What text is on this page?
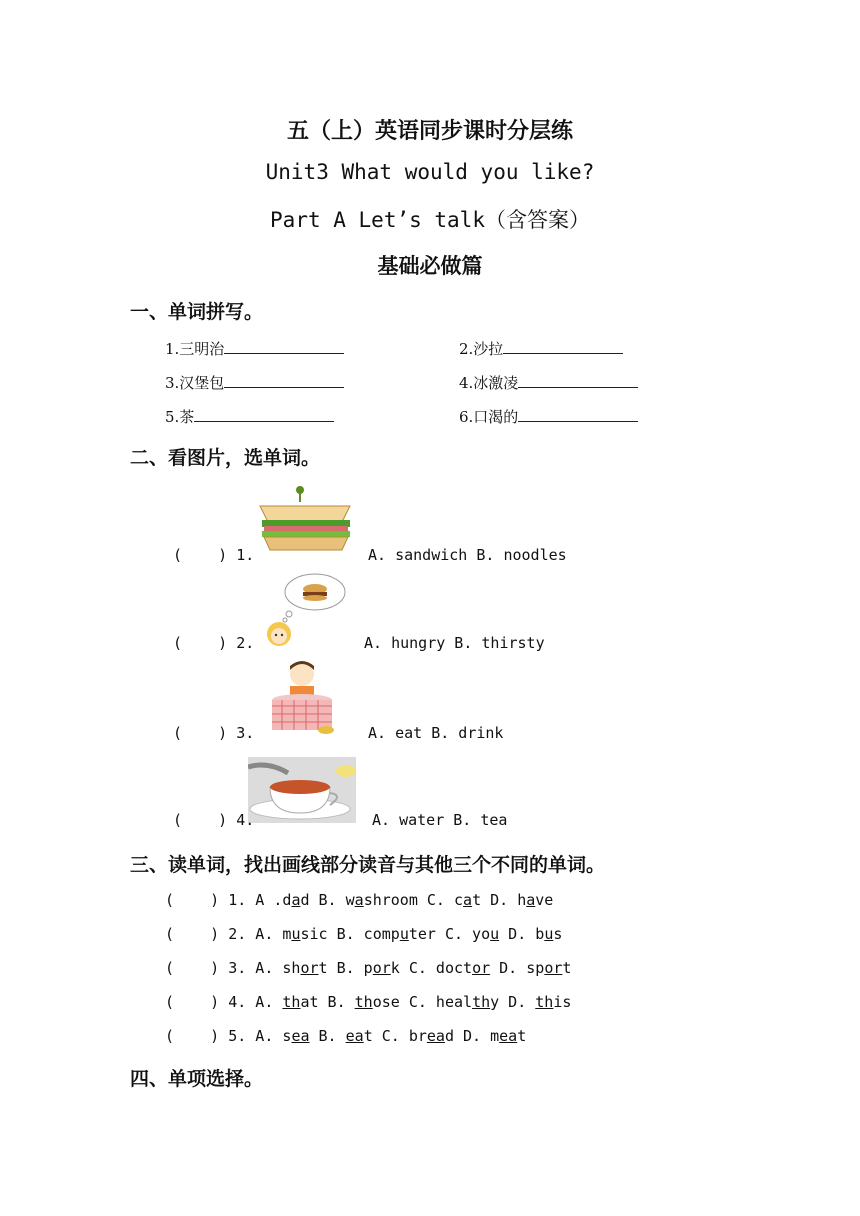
五（上）英语同步课时分层练
Unit3 What would you like?
Part A Let’s talk（含答案）
基础必做篇
一、单词拼写。
1.三明治	2.沙拉
3.汉堡包	4.冰激凌
5.茶	6.口渴的
二、看图片，选单词。
(    ) 1.	A. sandwich B. noodles
(    ) 2.	A. hungry B. thirsty
(    ) 3.	A. eat B. drink
(    ) 4.	A. water B. tea
三、读单词，找出画线部分读音与其他三个不同的单词。
(    ) 1. A .dad B. washroom C. cat D. have
(    ) 2. A. music B. computer C. you D. bus
(    ) 3. A. short B. pork C. doctor D. sport
(    ) 4. A. that B. those C. healthy D. this
(    ) 5. A. sea B. eat C. bread D. meat
四、单项选择。
